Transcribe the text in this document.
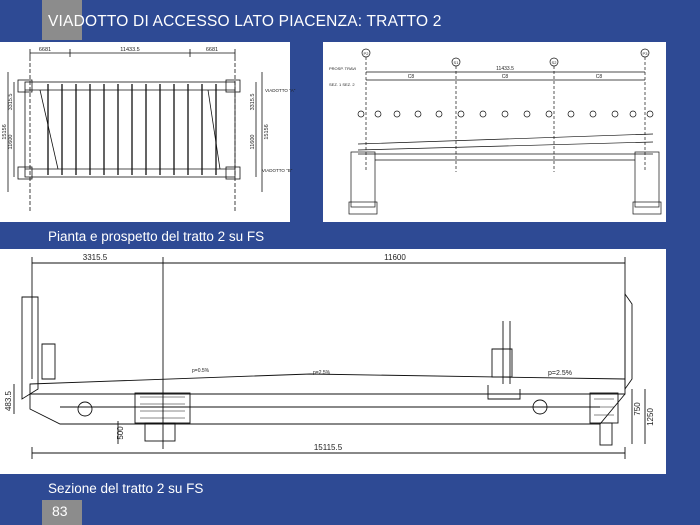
VIADOTTO DI ACCESSO LATO PIACENZA: TRATTO 2
6681	11433.5	6681
3315.5
11600
15156
3315.5
11600
15156
VIADOTTO "A"
VIADOTTO "B"
P2
S1	S2
P3
C8
11433.5
C8	C8
PROSP. TRAVI
SEZ. 1 SEZ. 2
Pianta e prospetto del tratto 2 su FS
3315.5	11600
15115.5
483.5
500
750 1250
p=0.5%	p=2.5%	p=2.5%
Sezione del tratto 2 su FS
83
